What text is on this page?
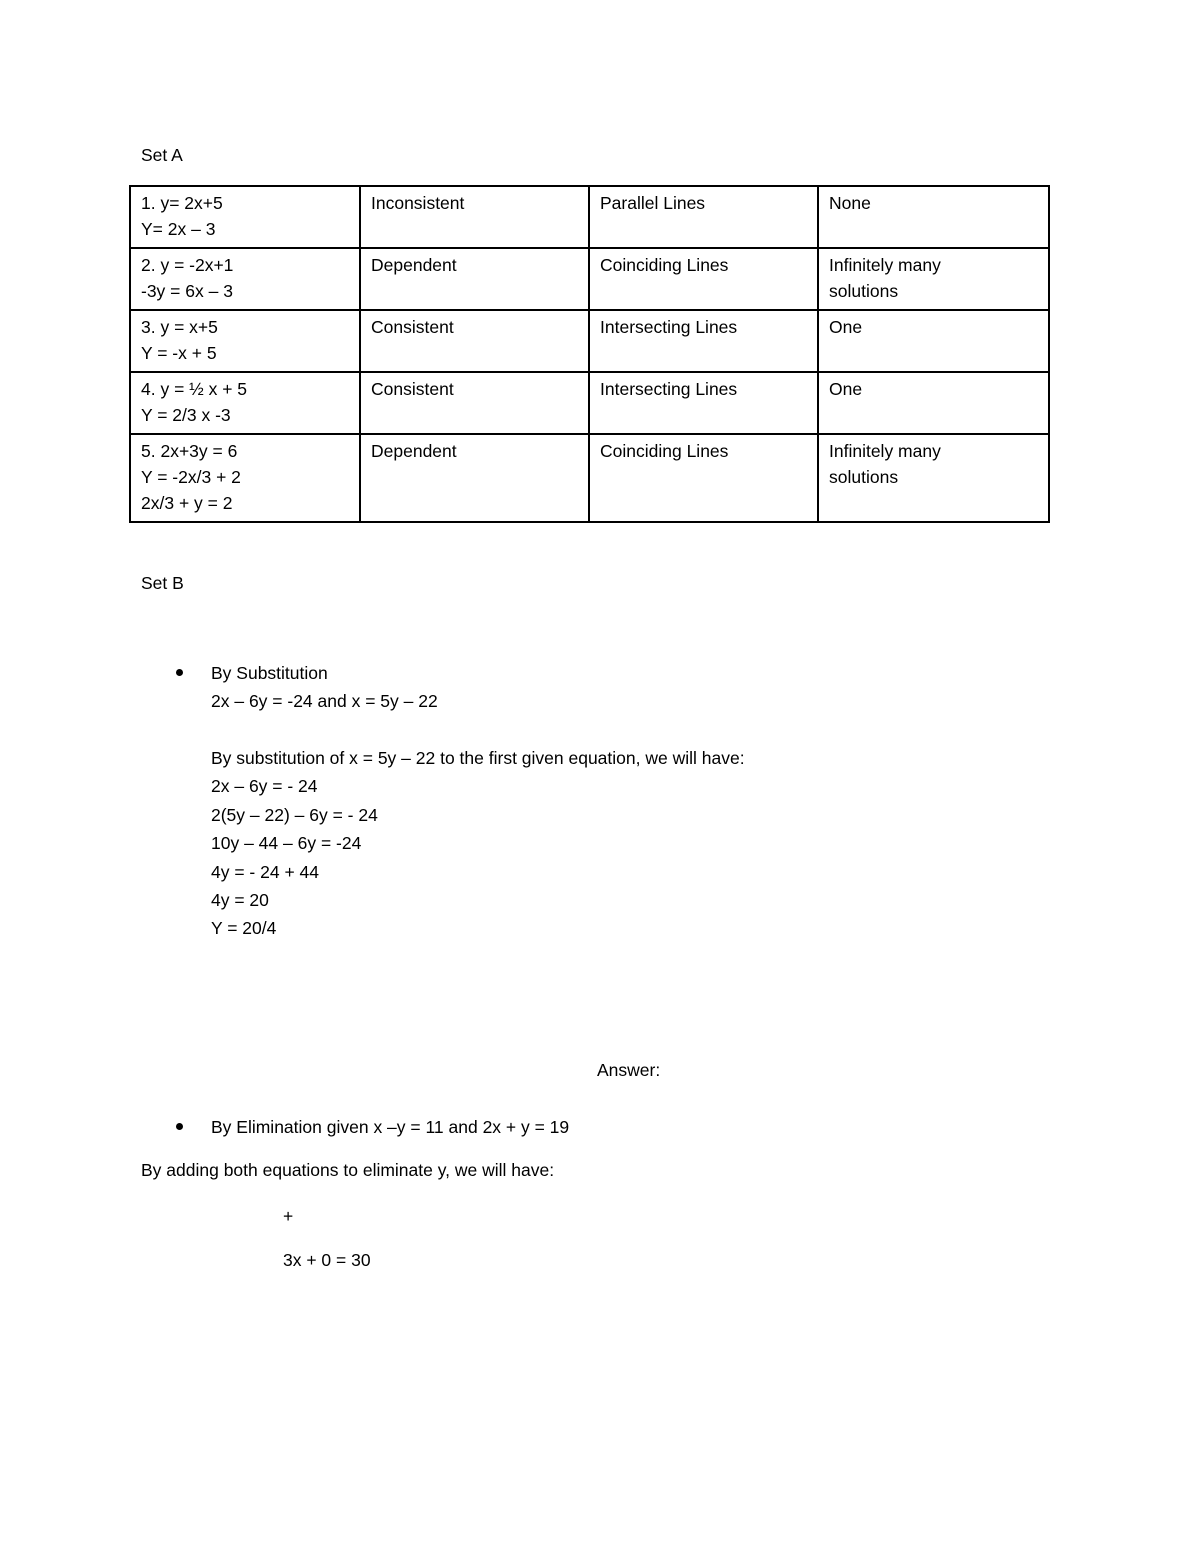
Set A
1. y= 2x+5
Y= 2x – 3	Inconsistent	Parallel Lines	None

2. y = -2x+1
-3y = 6x – 3	Dependent	Coinciding Lines	Infinitely many
solutions

3. y = x+5
Y = -x + 5	Consistent	Intersecting Lines	One

4. y = ½ x + 5
Y = 2/3 x -3	Consistent	Intersecting Lines	One

5. 2x+3y = 6
Y = -2x/3 + 2
2x/3 + y = 2	Dependent	Coinciding Lines	Infinitely many
solutions
Set B
By Substitution
2x – 6y = -24 and x = 5y – 22
By substitution of x = 5y – 22 to the first given equation, we will have:
2x – 6y = - 24
2(5y – 22) – 6y = - 24
10y – 44 – 6y = -24
4y = - 24 + 44
4y = 20
Y = 20/4
Answer:
By Elimination given x –y = 11 and 2x + y = 19
By adding both equations to eliminate y, we will have:
+
3x + 0 = 30
